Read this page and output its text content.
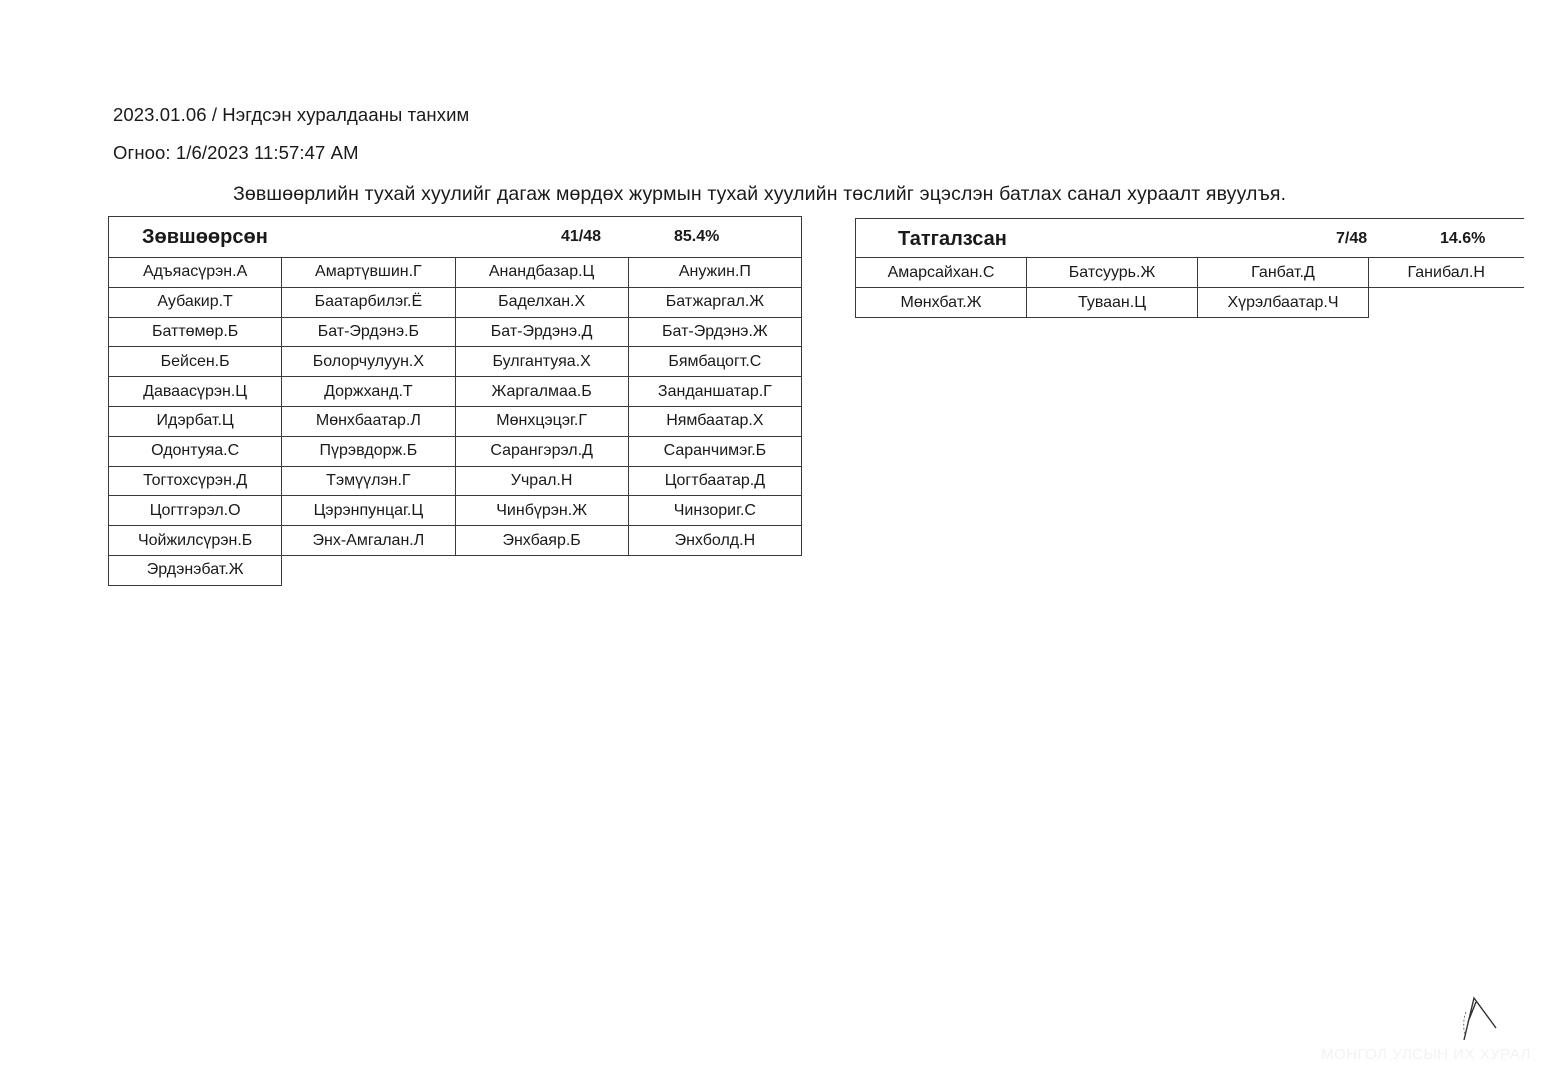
2023.01.06 / Нэгдсэн хуралдааны танхим
Огноо: 1/6/2023 11:57:47 AM
Зөвшөөрлийн тухай хуулийг дагаж мөрдөх журмын тухай хуулийн төслийг эцэслэн батлах санал хураалт явуулъя.
Зөвшөөрсөн 41/48 85.4%			

Адъяасүрэн.А	Амартүвшин.Г	Анандбазар.Ц	Анужин.П
Аубакир.Т	Баатарбилэг.Ё	Баделхан.Х	Батжаргал.Ж
Баттөмөр.Б	Бат-Эрдэнэ.Б	Бат-Эрдэнэ.Д	Бат-Эрдэнэ.Ж
Бейсен.Б	Болорчулуун.Х	Булгантуяа.Х	Бямбацогт.С
Даваасүрэн.Ц	Доржханд.Т	Жаргалмаа.Б	Занданшатар.Г
Идэрбат.Ц	Мөнхбаатар.Л	Мөнхцэцэг.Г	Нямбаатар.Х
Одонтуяа.С	Пүрэвдорж.Б	Сарангэрэл.Д	Саранчимэг.Б
Тогтохсүрэн.Д	Тэмүүлэн.Г	Учрал.Н	Цогтбаатар.Д
Цогтгэрэл.О	Цэрэнпунцаг.Ц	Чинбүрэн.Ж	Чинзориг.С
Чойжилсүрэн.Б	Энх-Амгалан.Л	Энхбаяр.Б	Энхболд.Н
Эрдэнэбат.Ж			
Татгалзсан 7/48 14.6%			

Амарсайхан.С	Батсуурь.Ж	Ганбат.Д	Ганибал.Н
Мөнхбат.Ж	Туваан.Ц	Хүрэлбаатар.Ч	
МОНГОЛ УЛСЫН ИХ ХУРАЛ
